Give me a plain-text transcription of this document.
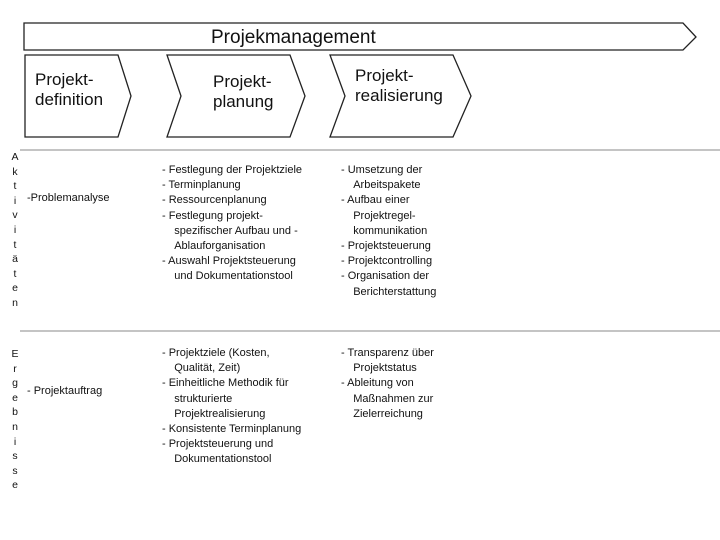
Projekmanagement
Projekt-
definition
Projekt-
planung
Projekt-
realisierung
A
k
t
i
v
i
t
ä
t
e
n
E
r
g
e
b
n
i
s
s
e
-Problemanalyse
- Festlegung der Projektziele
- Terminplanung
- Ressourcenplanung
- Festlegung projekt-
spezifischer Aufbau und -
Ablauforganisation
- Auswahl Projektsteuerung
und Dokumentationstool
- Umsetzung der
Arbeitspakete
- Aufbau einer
Projektregel-
kommunikation
- Projektsteuerung
- Projektcontrolling
- Organisation der
Berichterstattung
- Projektauftrag
- Projektziele (Kosten,
Qualität, Zeit)
- Einheitliche Methodik für
strukturierte
Projektrealisierung
- Konsistente Terminplanung
- Projektsteuerung und
Dokumentationstool
- Transparenz über
Projektstatus
- Ableitung von
Maßnahmen zur
Zielerreichung
